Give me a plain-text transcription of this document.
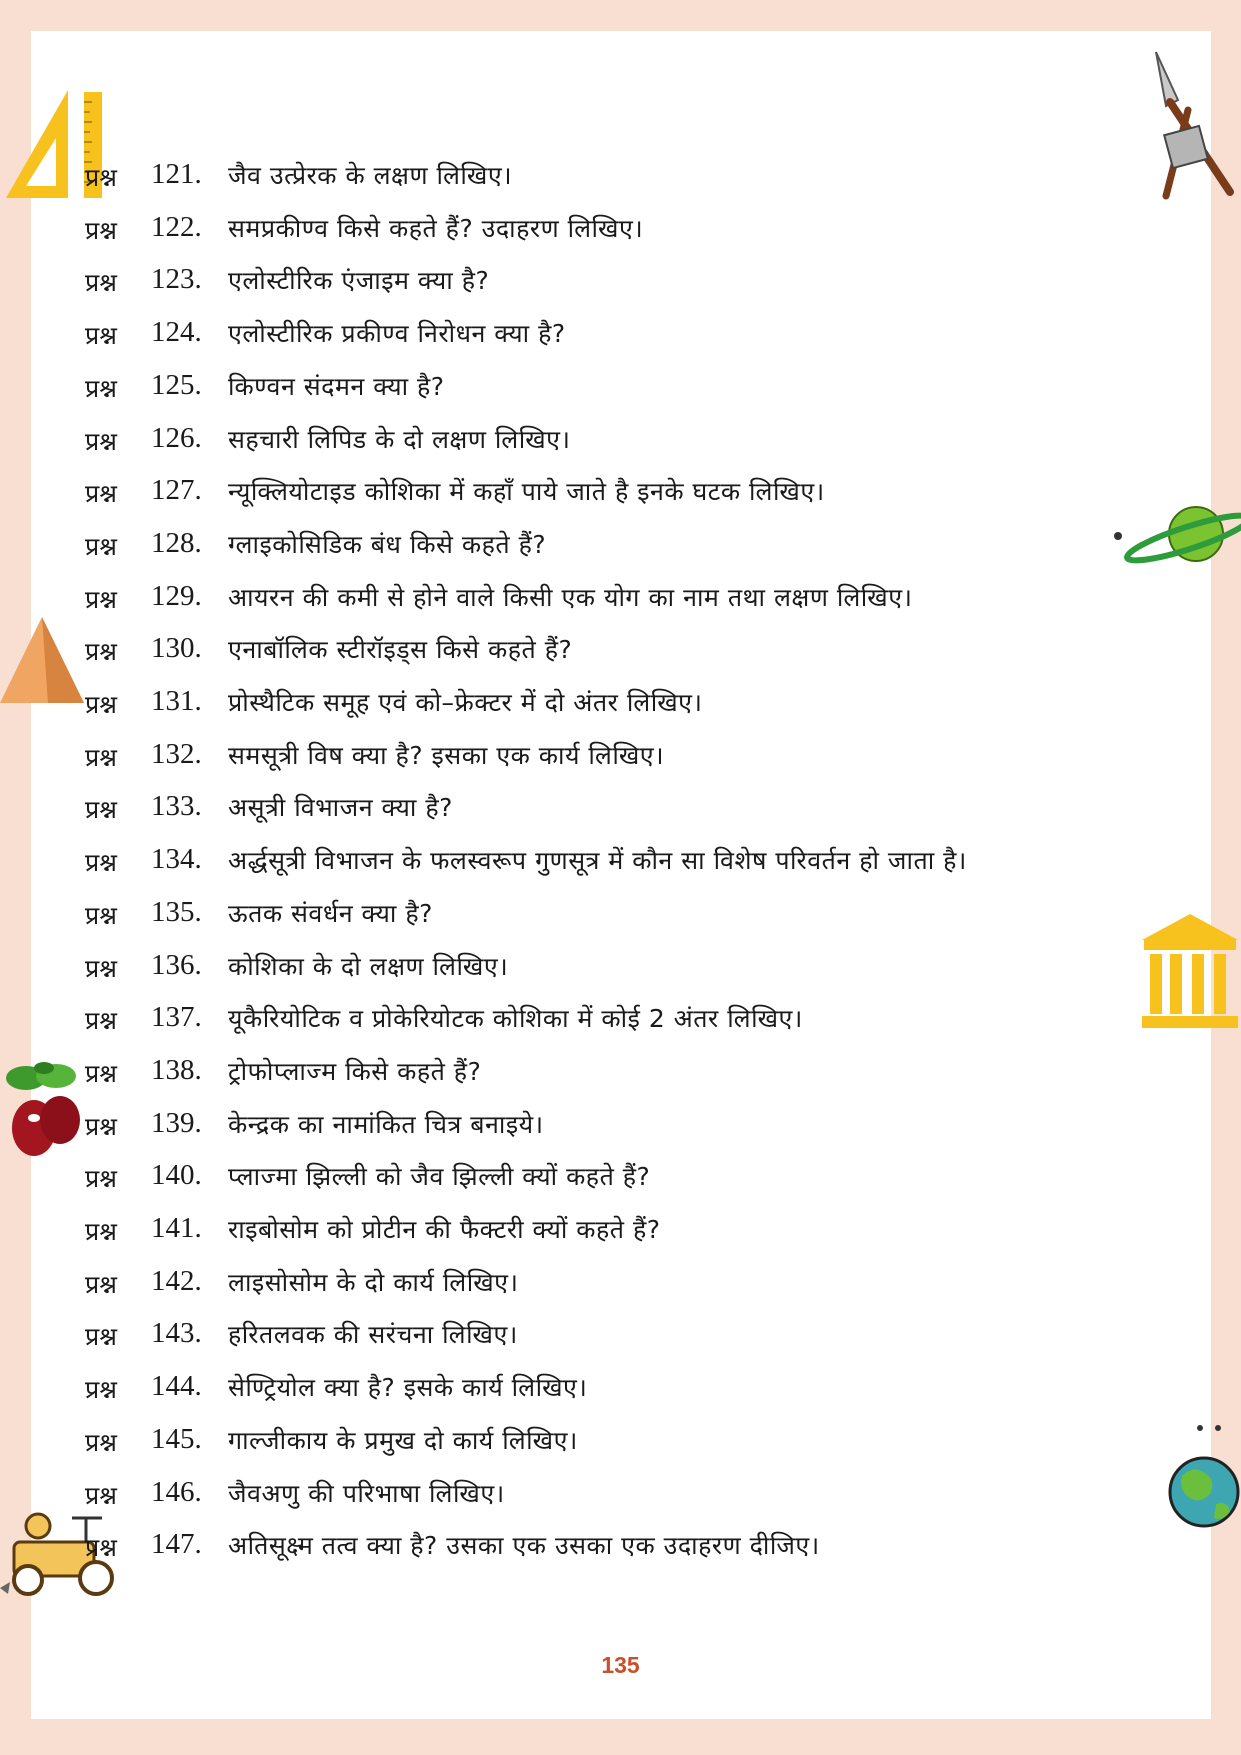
प्रश्न 121. जैव उत्प्रेरक के लक्षण लिखिए।
प्रश्न 122. समप्रकीण्व किसे कहते हैं? उदाहरण लिखिए।
प्रश्न 123. एलोस्टीरिक एंजाइम क्या है?
प्रश्न 124. एलोस्टीरिक प्रकीण्व निरोधन क्या है?
प्रश्न 125. किण्वन संदमन क्या है?
प्रश्न 126. सहचारी लिपिड के दो लक्षण लिखिए।
प्रश्न 127. न्यूक्लियोटाइड कोशिका में कहाँ पाये जाते है इनके घटक लिखिए।
प्रश्न 128. ग्लाइकोसिडिक बंध किसे कहते हैं?
प्रश्न 129. आयरन की कमी से होने वाले किसी एक योग का नाम तथा लक्षण लिखिए।
प्रश्न 130. एनाबॉलिक स्टीरॉइड्स किसे कहते हैं?
प्रश्न 131. प्रोस्थैटिक समूह एवं को–फ्रेक्टर में दो अंतर लिखिए।
प्रश्न 132. समसूत्री विष क्या है? इसका एक कार्य लिखिए।
प्रश्न 133. असूत्री विभाजन क्या है?
प्रश्न 134. अर्द्धसूत्री विभाजन के फलस्वरूप गुणसूत्र में कौन सा विशेष परिवर्तन हो जाता है।
प्रश्न 135. ऊतक संवर्धन क्या है?
प्रश्न 136. कोशिका के दो लक्षण लिखिए।
प्रश्न 137. यूकैरियोटिक व प्रोकेरियोटक कोशिका में कोई 2 अंतर लिखिए।
प्रश्न 138. ट्रोफोप्लाज्म किसे कहते हैं?
प्रश्न 139. केन्द्रक का नामांकित चित्र बनाइये।
प्रश्न 140. प्लाज्मा झिल्ली को जैव झिल्ली क्यों कहते हैं?
प्रश्न 141. राइबोसोम को प्रोटीन की फैक्टरी क्यों कहते हैं?
प्रश्न 142. लाइसोसोम के दो कार्य लिखिए।
प्रश्न 143. हरितलवक की सरंचना लिखिए।
प्रश्न 144. सेण्ट्रियोल क्या है? इसके कार्य लिखिए।
प्रश्न 145. गाल्जीकाय के प्रमुख दो कार्य लिखिए।
प्रश्न 146. जैवअणु की परिभाषा लिखिए।
प्रश्न 147. अतिसूक्ष्म तत्व क्या है? उसका एक उसका एक उदाहरण दीजिए।
135
